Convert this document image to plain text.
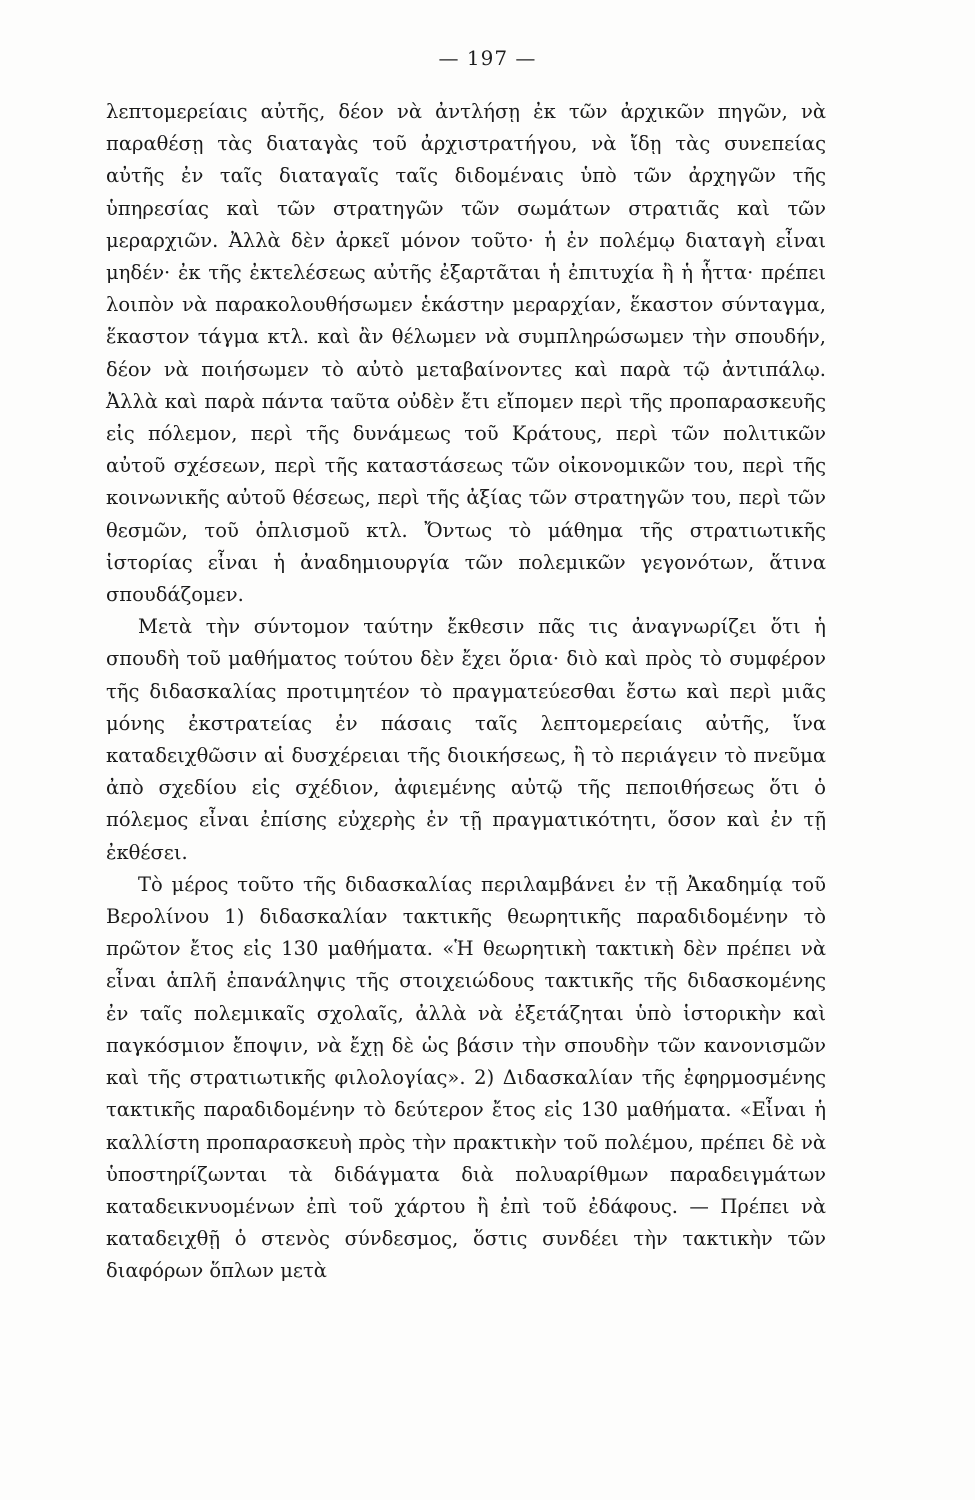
— 197 —

λεπτομερείαις αὐτῆς, δέον νὰ ἀντλήσῃ ἐκ τῶν ἀρχικῶν πηγῶν, νὰ παραθέσῃ τὰς διαταγὰς τοῦ ἀρχιστρατήγου, νὰ ἴδῃ τὰς συνεπείας αὐτῆς ἐν ταῖς διαταγαῖς ταῖς διδομέναις ὑπὸ τῶν ἀρχηγῶν τῆς ὑπηρεσίας καὶ τῶν στρατηγῶν τῶν σωμάτων στρατιᾶς καὶ τῶν μεραρχιῶν. Ἀλλὰ δὲν ἀρκεῖ μόνον τοῦτο· ἡ ἐν πολέμῳ διαταγὴ εἶναι μηδέν· ἐκ τῆς ἐκτελέσεως αὐτῆς ἐξαρτᾶται ἡ ἐπιτυχία ἢ ἡ ἧττα· πρέπει λοιπὸν νὰ παρακολουθήσωμεν ἑκάστην μεραρχίαν, ἕκαστον σύνταγμα, ἕκαστον τάγμα κτλ. καὶ ἂν θέλωμεν νὰ συμπληρώσωμεν τὴν σπουδήν, δέον νὰ ποιήσωμεν τὸ αὐτὸ μεταβαίνοντες καὶ παρὰ τῷ ἀντιπάλῳ. Ἀλλὰ καὶ παρὰ πάντα ταῦτα οὐδὲν ἔτι εἴπομεν περὶ τῆς προπαρασκευῆς εἰς πόλεμον, περὶ τῆς δυνάμεως τοῦ Κράτους, περὶ τῶν πολιτικῶν αὐτοῦ σχέσεων, περὶ τῆς καταστάσεως τῶν οἰκονομικῶν του, περὶ τῆς κοινωνικῆς αὐτοῦ θέσεως, περὶ τῆς ἀξίας τῶν στρατηγῶν του, περὶ τῶν θεσμῶν, τοῦ ὁπλισμοῦ κτλ. Ὄντως τὸ μάθημα τῆς στρατιωτικῆς ἱστορίας εἶναι ἡ ἀναδημιουργία τῶν πολεμικῶν γεγονότων, ἅτινα σπουδάζομεν.

Μετὰ τὴν σύντομον ταύτην ἔκθεσιν πᾶς τις ἀναγνωρίζει ὅτι ἡ σπουδὴ τοῦ μαθήματος τούτου δὲν ἔχει ὅρια· διὸ καὶ πρὸς τὸ συμφέρον τῆς διδασκαλίας προτιμητέον τὸ πραγματεύεσθαι ἔστω καὶ περὶ μιᾶς μόνης ἐκστρατείας ἐν πάσαις ταῖς λεπτομερείαις αὐτῆς, ἵνα καταδειχθῶσιν αἱ δυσχέρειαι τῆς διοικήσεως, ἢ τὸ περιάγειν τὸ πνεῦμα ἀπὸ σχεδίου εἰς σχέδιον, ἀφιεμένης αὐτῷ τῆς πεποιθήσεως ὅτι ὁ πόλεμος εἶναι ἐπίσης εὐχερὴς ἐν τῇ πραγματικότητι, ὅσον καὶ ἐν τῇ ἐκθέσει.

Τὸ μέρος τοῦτο τῆς διδασκαλίας περιλαμβάνει ἐν τῇ Ἀκαδημίᾳ τοῦ Βερολίνου 1) διδασκαλίαν τακτικῆς θεωρητικῆς παραδιδομένην τὸ πρῶτον ἔτος εἰς 130 μαθήματα. «Ἡ θεωρητικὴ τακτικὴ δὲν πρέπει νὰ εἶναι ἁπλῆ ἐπανάληψις τῆς στοιχειώδους τακτικῆς τῆς διδασκομένης ἐν ταῖς πολεμικαῖς σχολαῖς, ἀλλὰ νὰ ἐξετάζηται ὑπὸ ἱστορικὴν καὶ παγκόσμιον ἔποψιν, νὰ ἔχῃ δὲ ὡς βάσιν τὴν σπουδὴν τῶν κανονισμῶν καὶ τῆς στρατιωτικῆς φιλολογίας». 2) Διδασκαλίαν τῆς ἐφηρμοσμένης τακτικῆς παραδιδομένην τὸ δεύτερον ἔτος εἰς 130 μαθήματα. «Εἶναι ἡ καλλίστη προπαρασκευὴ πρὸς τὴν πρακτικὴν τοῦ πολέμου, πρέπει δὲ νὰ ὑποστηρίζωνται τὰ διδάγματα διὰ πολυαρίθμων παραδειγμάτων καταδεικνυομένων ἐπὶ τοῦ χάρτου ἢ ἐπὶ τοῦ ἐδάφους. — Πρέπει νὰ καταδειχθῇ ὁ στενὸς σύνδεσμος, ὅστις συνδέει τὴν τακτικὴν τῶν διαφόρων ὅπλων μετὰ
